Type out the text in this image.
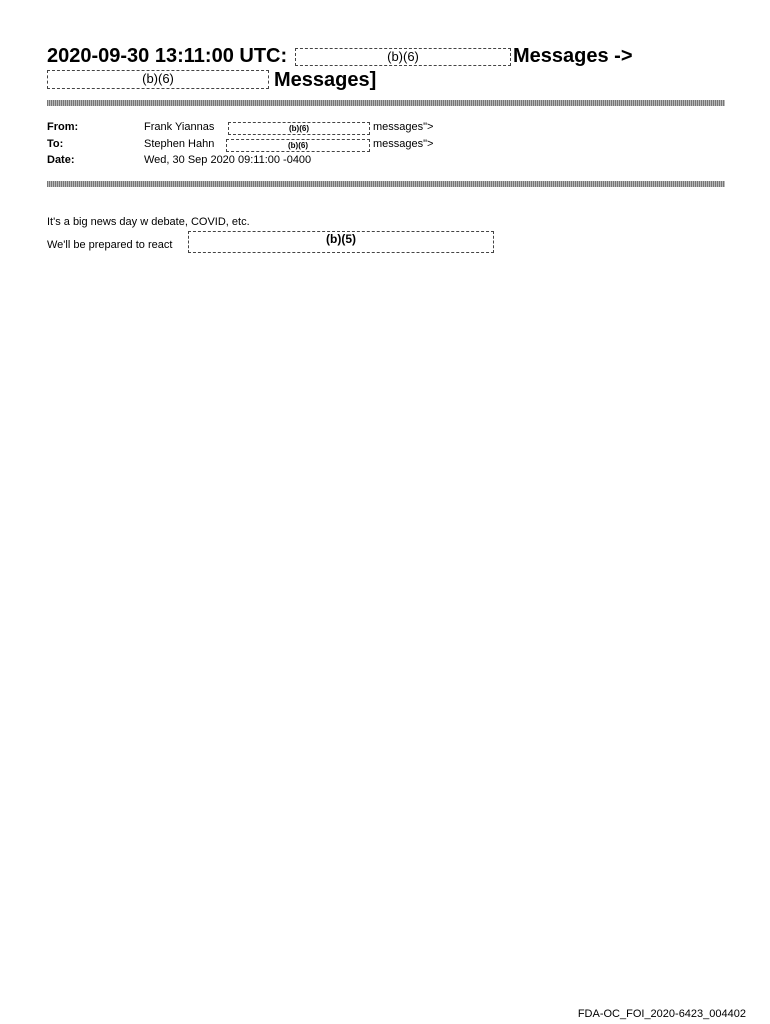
2020-09-30 13:11:00 UTC:	(b)(6)	Messages ->
(b)(6)	Messages]
From:	Frank Yiannas	(b)(6)	messages">
To:	Stephen Hahn	(b)(6)	messages">
Date:	Wed, 30 Sep 2020 09:11:00 -0400
It's a big news day w debate, COVID, etc.
We'll be prepared to react	(b)(5)
FDA-OC_FOI_2020-6423_004402
